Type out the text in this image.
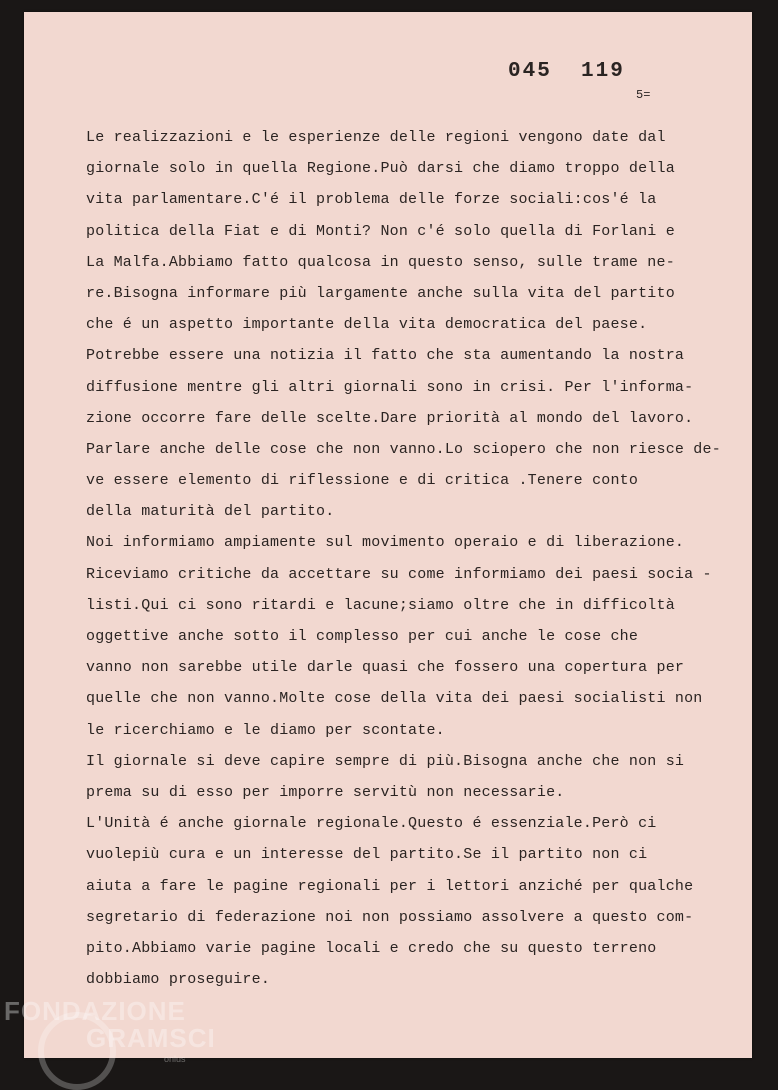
045  119
5=
Le realizzazioni e le esperienze delle regioni vengono date dal
giornale solo in quella Regione.Può darsi che diamo troppo della
vita parlamentare.C'é il problema delle forze sociali:cos'é la
politica della Fiat e di Monti? Non c'é solo quella di Forlani e
La Malfa.Abbiamo fatto qualcosa in questo senso, sulle trame ne-
re.Bisogna informare più largamente anche sulla vita del partito
che é un aspetto importante della vita democratica del paese.
Potrebbe essere una notizia il fatto che sta aumentando la nostra
diffusione mentre gli altri giornali sono in crisi. Per l'informa-
zione occorre fare delle scelte.Dare priorità al mondo del lavoro.
Parlare anche delle cose che non vanno.Lo sciopero che non riesce de-
ve essere elemento di riflessione e di critica .Tenere conto
della maturità del partito.
Noi informiamo ampiamente sul movimento operaio e di liberazione.
Riceviamo critiche da accettare su come informiamo dei paesi socia -
listi.Qui ci sono ritardi e lacune;siamo oltre che in difficoltà
oggettive anche sotto il complesso per cui anche le cose che
vanno non sarebbe utile darle quasi che fossero una copertura per
quelle che non vanno.Molte cose della vita dei paesi socialisti non
le ricerchiamo e le diamo per scontate.
Il giornale si deve capire sempre di più.Bisogna anche che non si
prema su di esso per imporre servitù non necessarie.
L'Unità é anche giornale regionale.Questo é essenziale.Però ci
vuolepiù cura e un interesse del partito.Se il partito non ci
aiuta a fare le pagine regionali per i lettori anziché per qualche
segretario di federazione noi non possiamo assolvere a questo com-
pito.Abbiamo varie pagine locali e credo che su questo terreno
dobbiamo proseguire.
FONDAZIONE
GRAMSCI
onlus
